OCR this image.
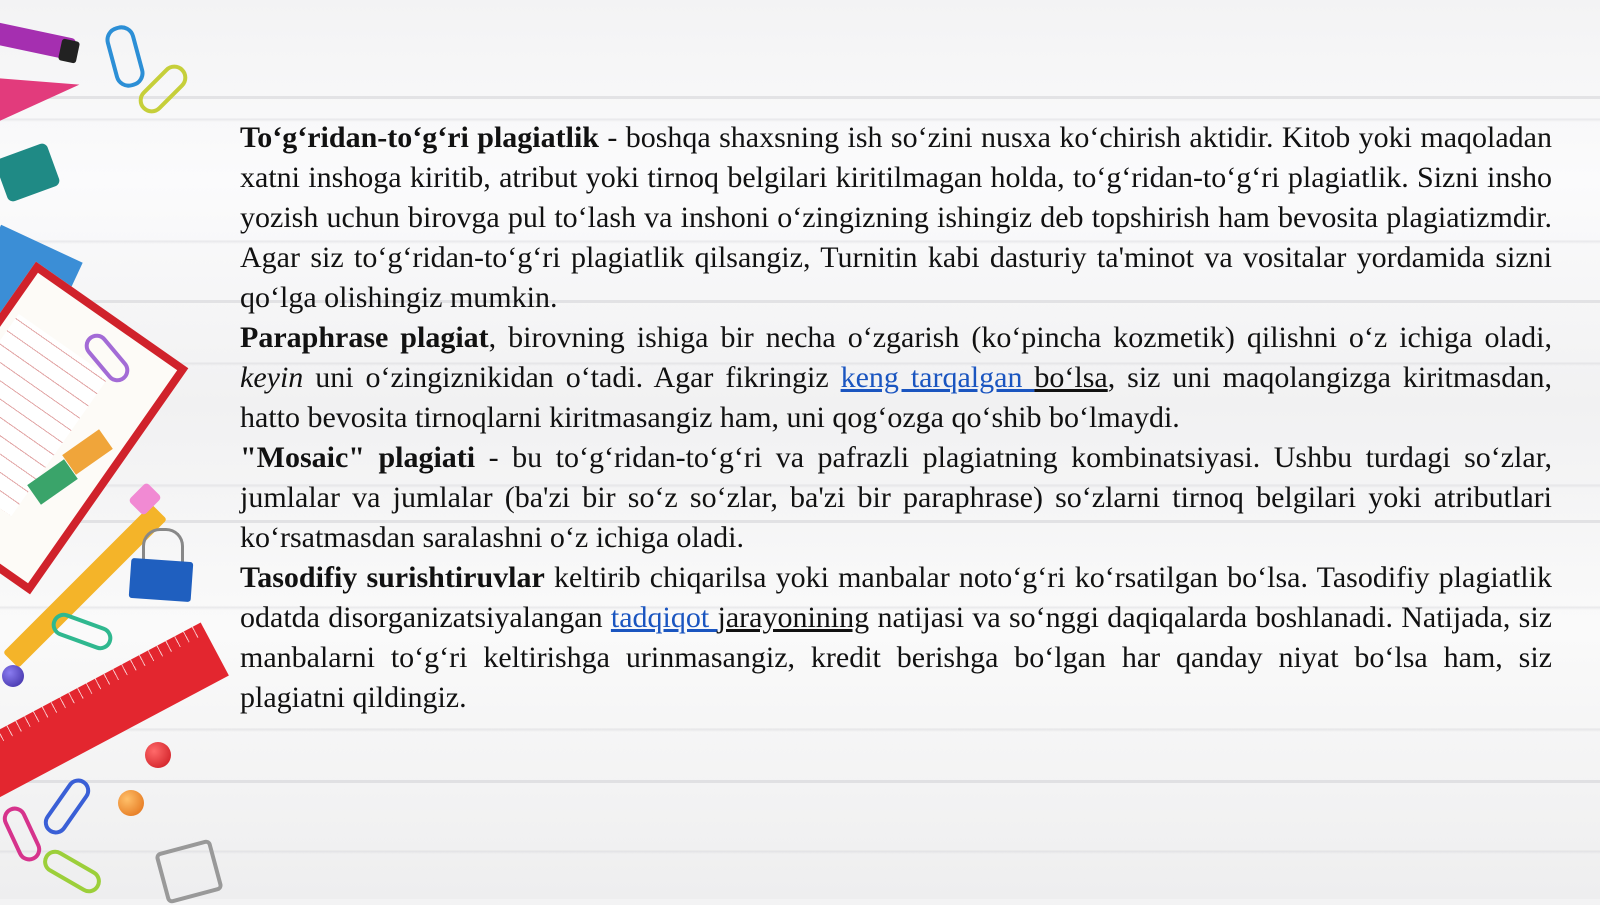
To‘g‘ridan-to‘g‘ri plagiatlik - boshqa shaxsning ish so‘zini nusxa ko‘chirish aktidir. Kitob yoki maqoladan xatni inshoga kiritib, atribut yoki tirnoq belgilari kiritilmagan holda, to‘g‘ridan-to‘g‘ri plagiatlik. Sizni insho yozish uchun birovga pul to‘lash va inshoni o‘zingizning ishingiz deb topshirish ham bevosita plagiatizmdir. Agar siz to‘g‘ridan-to‘g‘ri plagiatlik qilsangiz, Turnitin kabi dasturiy ta'minot va vositalar yordamida sizni qo‘lga olishingiz mumkin.

Paraphrase plagiat, birovning ishiga bir necha o‘zgarish (ko‘pincha kozmetik) qilishni o‘z ichiga oladi, keyin uni o‘zingiznikidan o‘tadi. Agar fikringiz keng tarqalgan bo‘lsa, siz uni maqolangizga kiritmasdan, hatto bevosita tirnoqlarni kiritmasangiz ham, uni qog‘ozga qo‘shib bo‘lmaydi.

"Mosaic" plagiati - bu to‘g‘ridan-to‘g‘ri va pafrazli plagiatning kombinatsiyasi. Ushbu turdagi so‘zlar, jumlalar va jumlalar (ba'zi bir so‘z so‘zlar, ba'zi bir paraphrase) so‘zlarni tirnoq belgilari yoki atributlari ko‘rsatmasdan saralashni o‘z ichiga oladi.

Tasodifiy surishtiruvlar keltirib chiqarilsa yoki manbalar noto‘g‘ri ko‘rsatilgan bo‘lsa. Tasodifiy plagiatlik odatda disorganizatsiyalangan tadqiqot jarayonining natijasi va so‘nggi daqiqalarda boshlanadi. Natijada, siz manbalarni to‘g‘ri keltirishga urinmasangiz, kredit berishga bo‘lgan har qanday niyat bo‘lsa ham, siz plagiatni qildingiz.
